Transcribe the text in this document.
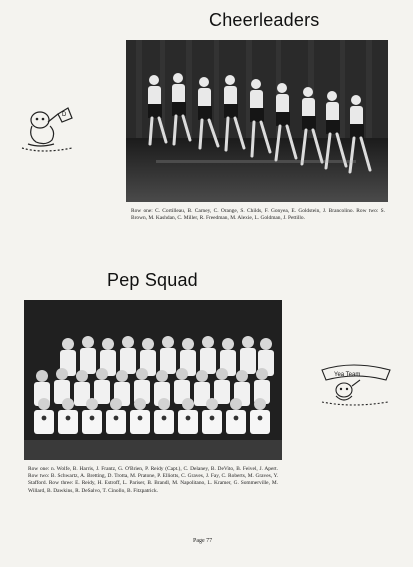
Cheerleaders
Row one: C. Cortilleau, B. Carney, C. Orange, S. Childs, F. Gonyea, E. Goldstein, J. Brancolino. Row two: S. Brown, M. Kashdan, C. Miller, R. Freedman, M. Alexie, L. Goldman, J. Pettillo.
D
Pep Squad
Row one: n. Wolfe, B. Harris, J. Frantz, G. O'Brien, P. Reidy (Capt.), C. Delaney, B. DeVito, B. Feivel, J. Apert. Row two: B. Schwartz, A. Bretting, D. Trotta, M. Pratone, P. Elliotts, C. Graves, J. Fay, C. Roberts, M. Graves, Y. Stafford. Row three: E. Reidy, H. Estroff, L. Pariser, B. Brandl, M. Napolitano, L. Kramer, G. Sommerville, M. Willard, B. Dawkins, R. DeSalvo, T. Cinollo, B. Fitzpatrick.
Yea Team
Page 77
